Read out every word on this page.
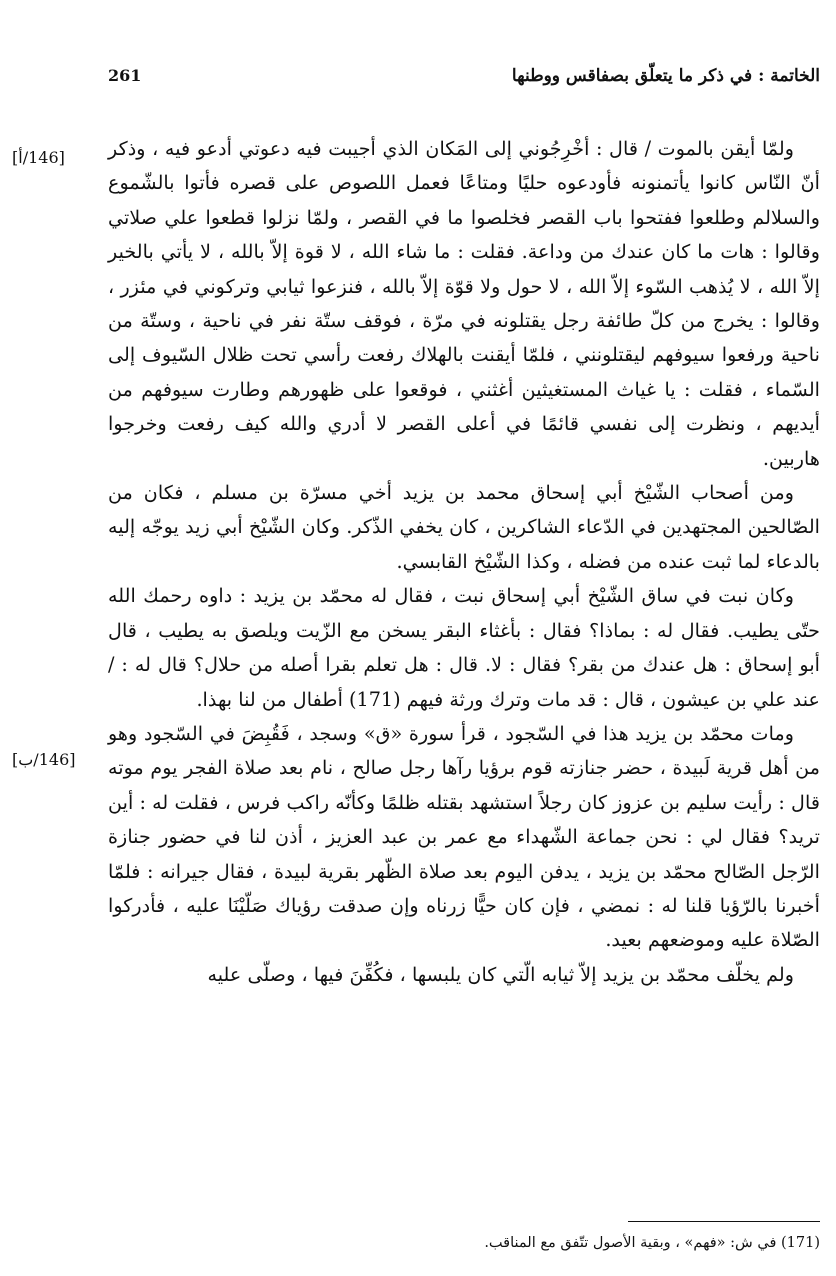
الخاتمة : في ذكر ما يتعلّق بصفاقس ووطنها
261
[146/أ]
[146/ب]

ولمّا أيقن بالموت / قال : أخْرِجُوني إلى المَكان الذي أجيبت فيه دعوتي أدعو فيه ، وذكر أنّ النّاس كانوا يأتمنونه فأودعوه حليًا ومتاعًا فعمل اللصوص على قصره فأتوا بالشّموع والسلالم وطلعوا ففتحوا باب القصر فخلصوا ما في القصر ، ولمّا نزلوا قطعوا علي صلاتي وقالوا : هات ما كان عندك من وداعة. فقلت : ما شاء الله ، لا قوة إلاّ بالله ، لا يأتي بالخير إلاّ الله ، لا يُذهب السّوء إلاّ الله ، لا حول ولا قوّة إلاّ بالله ، فنزعوا ثيابي وتركوني في مئزر ، وقالوا : يخرج من كلّ طائفة رجل يقتلونه في مرّة ، فوقف ستّة نفر في ناحية ، وستّة من ناحية ورفعوا سيوفهم ليقتلونني ، فلمّا أيقنت بالهلاك رفعت رأسي تحت ظلال السّيوف إلى السّماء ، فقلت : يا غياث المستغيثين أغثني ، فوقعوا على ظهورهم وطارت سيوفهم من أيديهم ، ونظرت إلى نفسي قائمًا في أعلى القصر لا أدري والله كيف رفعت وخرجوا هاربين.

ومن أصحاب الشّيْخ أبي إسحاق محمد بن يزيد أخي مسرّة بن مسلم ، فكان من الصّالحين المجتهدين في الدّعاء الشاكرين ، كان يخفي الذّكر. وكان الشّيْخ أبي زيد يوجّه إليه بالدعاء لما ثبت عنده من فضله ، وكذا الشّيْخ القابسي.

وكان نبت في ساق الشّيْخ أبي إسحاق نبت ، فقال له محمّد بن يزيد : داوه رحمك الله حتّى يطيب. فقال له : بماذا؟ فقال : بأغثاء البقر يسخن مع الزّيت ويلصق به يطيب ، قال أبو إسحاق : هل عندك من بقر؟ فقال : لا. قال : هل تعلم بقرا أصله من حلال؟ قال له : / عند علي بن عيشون ، قال : قد مات وترك ورثة فيهم (171) أطفال من لنا بهذا.

ومات محمّد بن يزيد هذا في السّجود ، قرأ سورة «ق» وسجد ، فَقُبِضَ في السّجود وهو من أهل قرية لَبيدة ، حضر جنازته قوم برؤيا رآها رجل صالح ، نام بعد صلاة الفجر يوم موته قال : رأيت سليم بن عزوز كان رجلاً استشهد بقتله ظلمًا وكأنّه راكب فرس ، فقلت له : أين تريد؟ فقال لي : نحن جماعة الشّهداء مع عمر بن عبد العزيز ، أذن لنا في حضور جنازة الرّجل الصّالح محمّد بن يزيد ، يدفن اليوم بعد صلاة الظّهر بقرية لبيدة ، فقال جيرانه : فلمّا أخبرنا بالرّؤيا قلنا له : نمضي ، فإن كان حيًّا زرناه وإن صدقت رؤياك صَلّيْنَا عليه ، فأدركوا الصّلاة عليه وموضعهم بعيد.

ولم يخلّف محمّد بن يزيد إلاّ ثيابه الّتي كان يلبسها ، فكُفِّنَ فيها ، وصلّى عليه

(171) في ش: «فهم» ، وبقية الأصول تتّفق مع المناقب.
